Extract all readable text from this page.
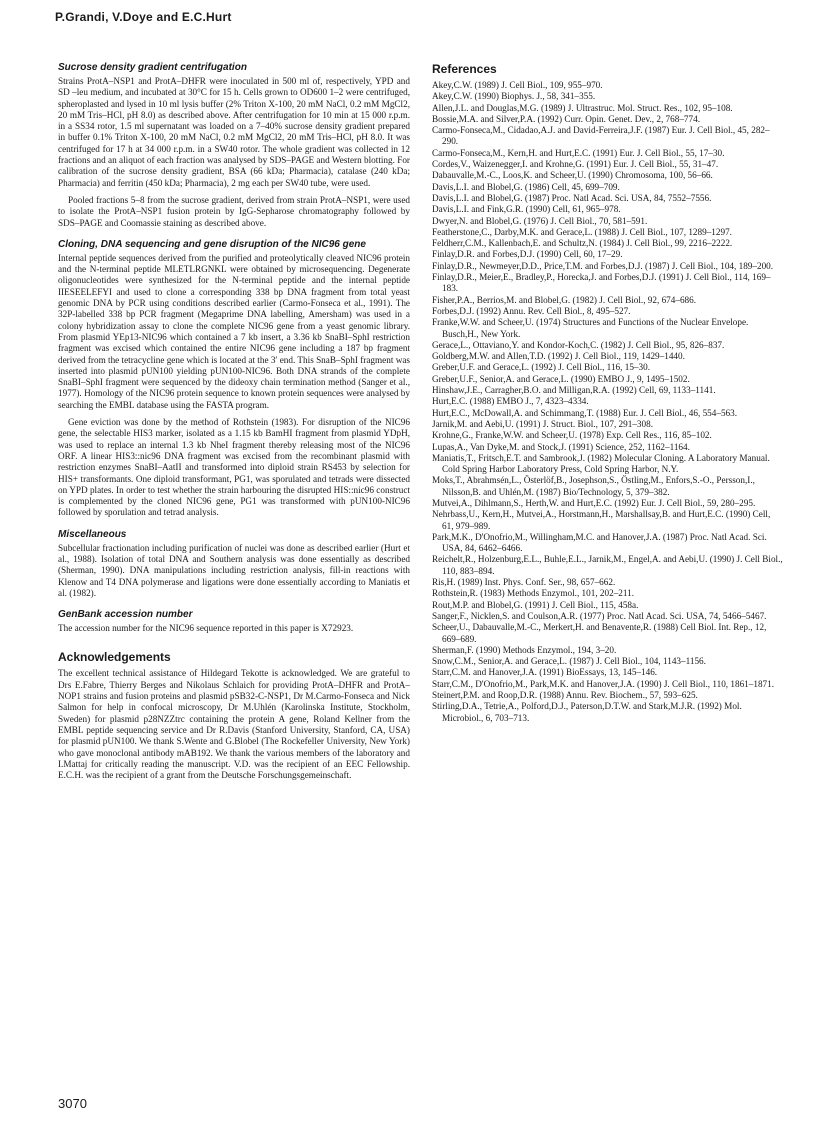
P.Grandi, V.Doye and E.C.Hurt
Sucrose density gradient centrifugation

Strains ProtA–NSP1 and ProtA–DHFR were inoculated in 500 ml of, respectively, YPD and SD –leu medium, and incubated at 30°C for 15 h. Cells grown to OD600 1–2 were centrifuged, spheroplasted and lysed in 10 ml lysis buffer (2% Triton X-100, 20 mM NaCl, 0.2 mM MgCl2, 20 mM Tris–HCl, pH 8.0) as described above. After centrifugation for 10 min at 15 000 r.p.m. in a SS34 rotor, 1.5 ml supernatant was loaded on a 7–40% sucrose density gradient prepared in buffer 0.1% Triton X-100, 20 mM NaCl, 0.2 mM MgCl2, 20 mM Tris–HCl, pH 8.0. It was centrifuged for 17 h at 34 000 r.p.m. in a SW40 rotor. The whole gradient was collected in 12 fractions and an aliquot of each fraction was analysed by SDS–PAGE and Western blotting. For calibration of the sucrose density gradient, BSA (66 kDa; Pharmacia), catalase (240 kDa; Pharmacia) and ferritin (450 kDa; Pharmacia), 2 mg each per SW40 tube, were used.

Pooled fractions 5–8 from the sucrose gradient, derived from strain ProtA–NSP1, were used to isolate the ProtA–NSP1 fusion protein by IgG-Sepharose chromatography followed by SDS–PAGE and Coomassie staining as described above.

Cloning, DNA sequencing and gene disruption of the NIC96 gene

Internal peptide sequences derived from the purified and proteolytically cleaved NIC96 protein and the N-terminal peptide MLETLRGNKL were obtained by microsequencing. Degenerate oligonucleotides were synthesized for the N-terminal peptide and the internal peptide IIESEELEFYI and used to clone a corresponding 338 bp DNA fragment from total yeast genomic DNA by PCR using conditions described earlier (Carmo-Fonseca et al., 1991). The 32P-labelled 338 bp PCR fragment (Megaprime DNA labelling, Amersham) was used in a colony hybridization assay to clone the complete NIC96 gene from a yeast genomic library. From plasmid YEp13-NIC96 which contained a 7 kb insert, a 3.36 kb SnaBI–SphI restriction fragment was excised which contained the entire NIC96 gene including a 187 bp fragment derived from the tetracycline gene which is located at the 3′ end. This SnaB–SphI fragment was inserted into plasmid pUN100 yielding pUN100-NIC96. Both DNA strands of the complete SnaBI–SphI fragment were sequenced by the dideoxy chain termination method (Sanger et al., 1977). Homology of the NIC96 protein sequence to known protein sequences were analysed by searching the EMBL database using the FASTA program.

Gene eviction was done by the method of Rothstein (1983). For disruption of the NIC96 gene, the selectable HIS3 marker, isolated as a 1.15 kb BamHI fragment from plasmid YDpH, was used to replace an internal 1.3 kb NheI fragment thereby releasing most of the NIC96 ORF. A linear HIS3::nic96 DNA fragment was excised from the recombinant plasmid with restriction enzymes SnaBI–AatII and transformed into diploid strain RS453 by selection for HIS+ transformants. One diploid transformant, PG1, was sporulated and tetrads were dissected on YPD plates. In order to test whether the strain harbouring the disrupted HIS::nic96 construct is complemented by the cloned NIC96 gene, PG1 was transformed with pUN100-NIC96 followed by sporulation and tetrad analysis.

Miscellaneous

Subcellular fractionation including purification of nuclei was done as described earlier (Hurt et al., 1988). Isolation of total DNA and Southern analysis was done essentially as described (Sherman, 1990). DNA manipulations including restriction analysis, fill-in reactions with Klenow and T4 DNA polymerase and ligations were done essentially according to Maniatis et al. (1982).

GenBank accession number

The accession number for the NIC96 sequence reported in this paper is X72923.

Acknowledgements

The excellent technical assistance of Hildegard Tekotte is acknowledged. We are grateful to Drs E.Fabre, Thierry Berges and Nikolaus Schlaich for providing ProtA–DHFR and ProtA–NOP1 strains and fusion proteins and plasmid pSB32-C-NSP1, Dr M.Carmo-Fonseca and Nick Salmon for help in confocal microscopy, Dr M.Uhlén (Karolinska Institute, Stockholm, Sweden) for plasmid p28NZZtrc containing the protein A gene, Roland Kellner from the EMBL peptide sequencing service and Dr R.Davis (Stanford University, Stanford, CA, USA) for plasmid pUN100. We thank S.Wente and G.Blobel (The Rockefeller University, New York) who gave monoclonal antibody mAB192. We thank the various members of the laboratory and I.Mattaj for critically reading the manuscript. V.D. was the recipient of an EEC Fellowship. E.C.H. was the recipient of a grant from the Deutsche Forschungsgemeinschaft.

References

Akey,C.W. (1989) J. Cell Biol., 109, 955–970.

Akey,C.W. (1990) Biophys. J., 58, 341–355.

Allen,J.L. and Douglas,M.G. (1989) J. Ultrastruc. Mol. Struct. Res., 102, 95–108.

Bossie,M.A. and Silver,P.A. (1992) Curr. Opin. Genet. Dev., 2, 768–774.

Carmo-Fonseca,M., Cidadao,A.J. and David-Ferreira,J.F. (1987) Eur. J. Cell Biol., 45, 282–290.

Carmo-Fonseca,M., Kern,H. and Hurt,E.C. (1991) Eur. J. Cell Biol., 55, 17–30.

Cordes,V., Waizenegger,I. and Krohne,G. (1991) Eur. J. Cell Biol., 55, 31–47.

Dabauvalle,M.-C., Loos,K. and Scheer,U. (1990) Chromosoma, 100, 56–66.

Davis,L.I. and Blobel,G. (1986) Cell, 45, 699–709.

Davis,L.I. and Blobel,G. (1987) Proc. Natl Acad. Sci. USA, 84, 7552–7556.

Davis,L.I. and Fink,G.R. (1990) Cell, 61, 965–978.

Dwyer,N. and Blobel,G. (1976) J. Cell Biol., 70, 581–591.

Featherstone,C., Darby,M.K. and Gerace,L. (1988) J. Cell Biol., 107, 1289–1297.

Feldherr,C.M., Kallenbach,E. and Schultz,N. (1984) J. Cell Biol., 99, 2216–2222.

Finlay,D.R. and Forbes,D.J. (1990) Cell, 60, 17–29.

Finlay,D.R., Newmeyer,D.D., Price,T.M. and Forbes,D.J. (1987) J. Cell Biol., 104, 189–200.

Finlay,D.R., Meier,E., Bradley,P., Horecka,J. and Forbes,D.J. (1991) J. Cell Biol., 114, 169–183.

Fisher,P.A., Berrios,M. and Blobel,G. (1982) J. Cell Biol., 92, 674–686.

Forbes,D.J. (1992) Annu. Rev. Cell Biol., 8, 495–527.

Franke,W.W. and Scheer,U. (1974) Structures and Functions of the Nuclear Envelope. Busch,H., New York.

Gerace,L., Ottaviano,Y. and Kondor-Koch,C. (1982) J. Cell Biol., 95, 826–837.

Goldberg,M.W. and Allen,T.D. (1992) J. Cell Biol., 119, 1429–1440.

Greber,U.F. and Gerace,L. (1992) J. Cell Biol., 116, 15–30.

Greber,U.F., Senior,A. and Gerace,L. (1990) EMBO J., 9, 1495–1502.

Hinshaw,J.E., Carragher,B.O. and Milligan,R.A. (1992) Cell, 69, 1133–1141.

Hurt,E.C. (1988) EMBO J., 7, 4323–4334.

Hurt,E.C., McDowall,A. and Schimmang,T. (1988) Eur. J. Cell Biol., 46, 554–563.

Jarnik,M. and Aebi,U. (1991) J. Struct. Biol., 107, 291–308.

Krohne,G., Franke,W.W. and Scheer,U. (1978) Exp. Cell Res., 116, 85–102.

Lupas,A., Van Dyke,M. and Stock,J. (1991) Science, 252, 1162–1164.

Maniatis,T., Fritsch,E.T. and Sambrook,J. (1982) Molecular Cloning. A Laboratory Manual. Cold Spring Harbor Laboratory Press, Cold Spring Harbor, N.Y.

Moks,T., Abrahmsén,L., Österlöf,B., Josephson,S., Östling,M., Enfors,S.-O., Persson,I., Nilsson,B. and Uhlén,M. (1987) Bio/Technology, 5, 379–382.

Mutvei,A., Dihlmann,S., Herth,W. and Hurt,E.C. (1992) Eur. J. Cell Biol., 59, 280–295.

Nehrbass,U., Kern,H., Mutvei,A., Horstmann,H., Marshallsay,B. and Hurt,E.C. (1990) Cell, 61, 979–989.

Park,M.K., D'Onofrio,M., Willingham,M.C. and Hanover,J.A. (1987) Proc. Natl Acad. Sci. USA, 84, 6462–6466.

Reichelt,R., Holzenburg,E.L., Buhle,E.L., Jarnik,M., Engel,A. and Aebi,U. (1990) J. Cell Biol., 110, 883–894.

Ris,H. (1989) Inst. Phys. Conf. Ser., 98, 657–662.

Rothstein,R. (1983) Methods Enzymol., 101, 202–211.

Rout,M.P. and Blobel,G. (1991) J. Cell Biol., 115, 458a.

Sanger,F., Nicklen,S. and Coulson,A.R. (1977) Proc. Natl Acad. Sci. USA, 74, 5466–5467.

Scheer,U., Dabauvalle,M.-C., Merkert,H. and Benavente,R. (1988) Cell Biol. Int. Rep., 12, 669–689.

Sherman,F. (1990) Methods Enzymol., 194, 3–20.

Snow,C.M., Senior,A. and Gerace,L. (1987) J. Cell Biol., 104, 1143–1156.

Starr,C.M. and Hanover,J.A. (1991) BioEssays, 13, 145–146.

Starr,C.M., D'Onofrio,M., Park,M.K. and Hanover,J.A. (1990) J. Cell Biol., 110, 1861–1871.

Steinert,P.M. and Roop,D.R. (1988) Annu. Rev. Biochem., 57, 593–625.

Stirling,D.A., Tetrie,A., Polford,D.J., Paterson,D.T.W. and Stark,M.J.R. (1992) Mol. Microbiol., 6, 703–713.

3070
